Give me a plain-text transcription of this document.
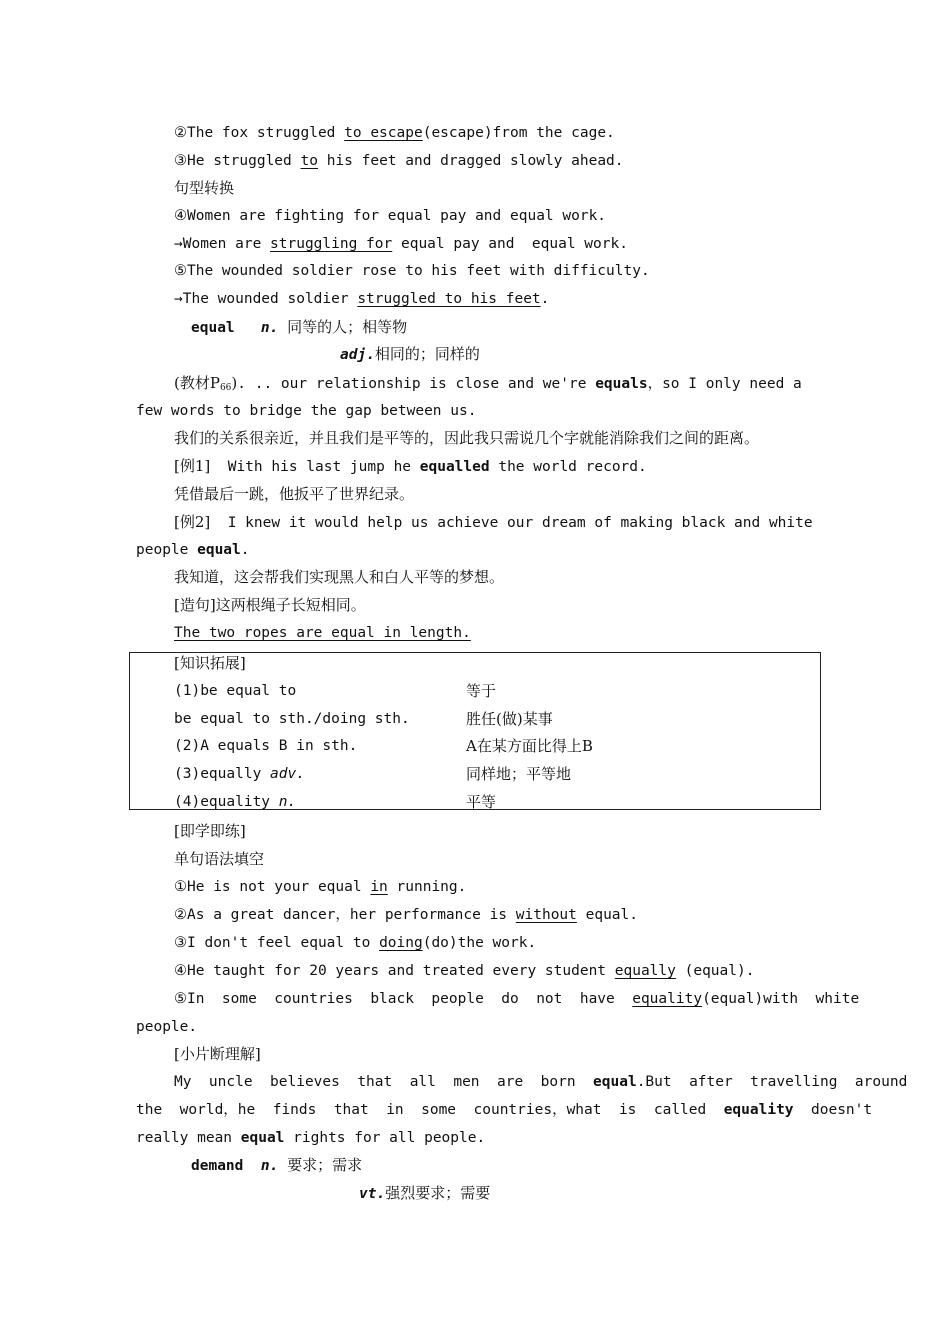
②The fox struggled to escape(escape)from the cage.
③He struggled to his feet and dragged slowly ahead.
句型转换
④Women are fighting for equal pay and equal work.
→Women are struggling for equal pay and  equal work.
⑤The wounded soldier rose to his feet with difficulty.
→The wounded soldier struggled to his feet.
equal n. 同等的人；相等物
adj.相同的；同样的
(教材$P_{66}$). .. our relationship is close and we're equals，so I only need a
few words to bridge the gap between us.
我们的关系很亲近，并且我们是平等的，因此我只需说几个字就能消除我们之间的距离。
[例1]  With his last jump he equalled the world record.
凭借最后一跳，他扳平了世界纪录。
[例2]  I knew it would help us achieve our dream of making black and white
people equal.
我知道，这会帮我们实现黑人和白人平等的梦想。
[造句]这两根绳子长短相同。
The two ropes are equal in length.
[知识拓展]
(1)be equal to	等于
be equal to sth./doing sth.	胜任(做)某事
(2)A equals B in sth.	A在某方面比得上B
(3)equally adv.	同样地；平等地
(4)equality n.	平等
[即学即练]
单句语法填空
①He is not your equal in running.
②As a great dancer，her performance is without equal.
③I don't feel equal to doing(do)the work.
④He taught for 20 years and treated every student equally (equal).
⑤In  some  countries  black  people  do  not  have  equality(equal)with  white
people.
[小片断理解]
My  uncle  believes  that  all  men  are  born  equal.But  after  travelling  around
the  world，he  finds  that  in  some  countries，what  is  called  equality  doesn't
really mean equal rights for all people.
demand n. 要求；需求
vt.强烈要求；需要
